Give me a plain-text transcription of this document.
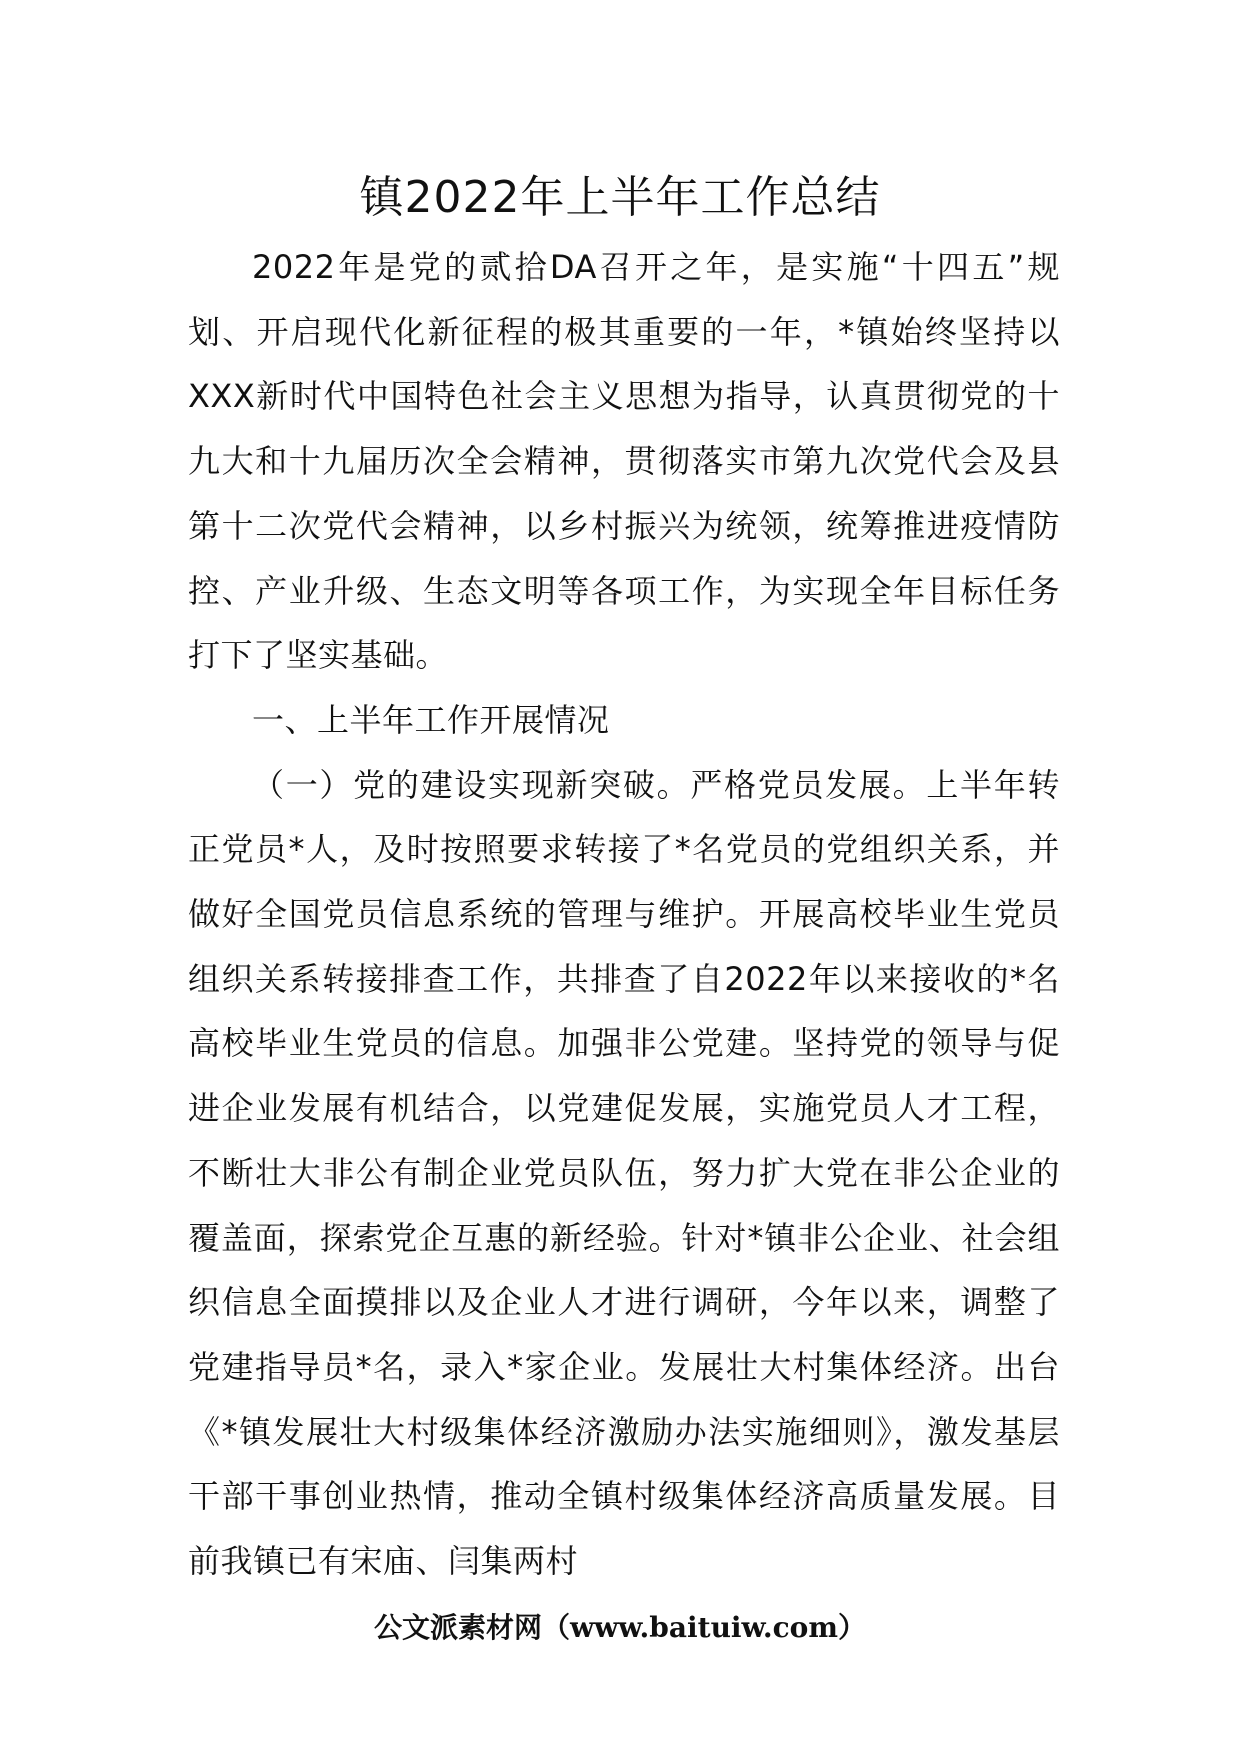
镇2022年上半年工作总结

2022年是党的贰拾DA召开之年，是实施“十四五”规划、开启现代化新征程的极其重要的一年，*镇始终坚持以XXX新时代中国特色社会主义思想为指导，认真贯彻党的十九大和十九届历次全会精神，贯彻落实市第九次党代会及县第十二次党代会精神，以乡村振兴为统领，统筹推进疫情防控、产业升级、生态文明等各项工作，为实现全年目标任务打下了坚实基础。

一、上半年工作开展情况

（一）党的建设实现新突破。严格党员发展。上半年转正党员*人，及时按照要求转接了*名党员的党组织关系，并做好全国党员信息系统的管理与维护。开展高校毕业生党员组织关系转接排查工作，共排查了自2022年以来接收的*名高校毕业生党员的信息。加强非公党建。坚持党的领导与促进企业发展有机结合，以党建促发展，实施党员人才工程，不断壮大非公有制企业党员队伍，努力扩大党在非公企业的覆盖面，探索党企互惠的新经验。针对*镇非公企业、社会组织信息全面摸排以及企业人才进行调研，今年以来，调整了党建指导员*名，录入*家企业。发展壮大村集体经济。出台《*镇发展壮大村级集体经济激励办法实施细则》，激发基层干部干事创业热情，推动全镇村级集体经济高质量发展。目前我镇已有宋庙、闫集两村

公文派素材网（www.baituiw.com）
